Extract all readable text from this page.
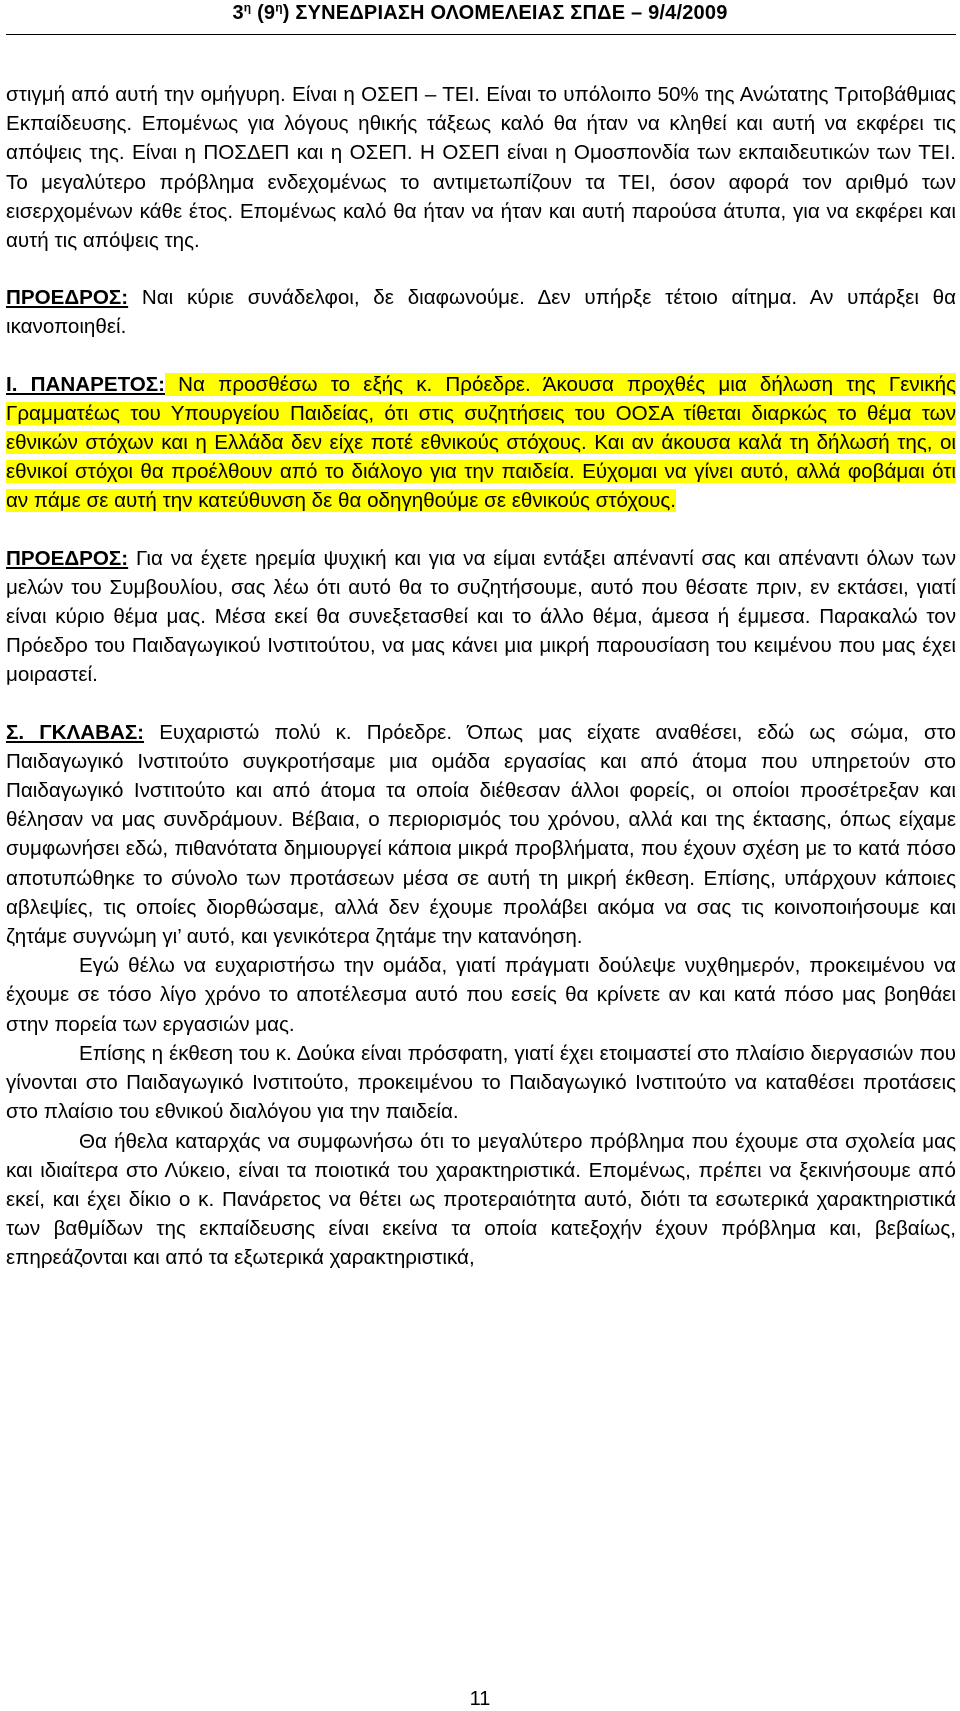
$3^\eta$ $(9^\eta)$ ΣΥΝΕΔΡΙΑΣΗ ΟΛΟΜΕΛΕΙΑΣ ΣΠΔΕ – 9/4/2009

στιγμή από αυτή την ομήγυρη. Είναι η ΟΣΕΠ – ΤΕΙ. Είναι το υπόλοιπο 50% της Ανώτατης Τριτοβάθμιας Εκπαίδευσης. Επομένως για λόγους ηθικής τάξεως καλό θα ήταν να κληθεί και αυτή να εκφέρει τις απόψεις της. Είναι η ΠΟΣΔΕΠ και η ΟΣΕΠ. Η ΟΣΕΠ είναι η Ομοσπονδία των εκπαιδευτικών των ΤΕΙ. Το μεγαλύτερο πρόβλημα ενδεχομένως το αντιμετωπίζουν τα ΤΕΙ, όσον αφορά τον αριθμό των εισερχομένων κάθε έτος. Επομένως καλό θα ήταν να ήταν και αυτή παρούσα άτυπα, για να εκφέρει και αυτή τις απόψεις της.

ΠΡΟΕΔΡΟΣ: Ναι κύριε συνάδελφοι, δε διαφωνούμε. Δεν υπήρξε τέτοιο αίτημα. Αν υπάρξει θα ικανοποιηθεί.

Ι. ΠΑΝΑΡΕΤΟΣ: Να προσθέσω το εξής κ. Πρόεδρε. Άκουσα προχθές μια δήλωση της Γενικής Γραμματέως του Υπουργείου Παιδείας, ότι στις συζητήσεις του ΟΟΣΑ τίθεται διαρκώς το θέμα των εθνικών στόχων και η Ελλάδα δεν είχε ποτέ εθνικούς στόχους. Και αν άκουσα καλά τη δήλωσή της, οι εθνικοί στόχοι θα προέλθουν από το διάλογο για την παιδεία. Εύχομαι να γίνει αυτό, αλλά φοβάμαι ότι αν πάμε σε αυτή την κατεύθυνση δε θα οδηγηθούμε σε εθνικούς στόχους.

ΠΡΟΕΔΡΟΣ: Για να έχετε ηρεμία ψυχική και για να είμαι εντάξει απέναντί σας και απέναντι όλων των μελών του Συμβουλίου, σας λέω ότι αυτό θα το συζητήσουμε, αυτό που θέσατε πριν, εν εκτάσει, γιατί είναι κύριο θέμα μας. Μέσα εκεί θα συνεξετασθεί και το άλλο θέμα, άμεσα ή έμμεσα. Παρακαλώ τον Πρόεδρο του Παιδαγωγικού Ινστιτούτου, να μας κάνει μια μικρή παρουσίαση του κειμένου που μας έχει μοιραστεί.

Σ. ΓΚΛΑΒΑΣ: Ευχαριστώ πολύ κ. Πρόεδρε. Όπως μας είχατε αναθέσει, εδώ ως σώμα, στο Παιδαγωγικό Ινστιτούτο συγκροτήσαμε μια ομάδα εργασίας και από άτομα που υπηρετούν στο Παιδαγωγικό Ινστιτούτο και από άτομα τα οποία διέθεσαν άλλοι φορείς, οι οποίοι προσέτρεξαν και θέλησαν να μας συνδράμουν. Βέβαια, ο περιορισμός του χρόνου, αλλά και της έκτασης, όπως είχαμε συμφωνήσει εδώ, πιθανότατα δημιουργεί κάποια μικρά προβλήματα, που έχουν σχέση με το κατά πόσο αποτυπώθηκε το σύνολο των προτάσεων μέσα σε αυτή τη μικρή έκθεση. Επίσης, υπάρχουν κάποιες αβλεψίες, τις οποίες διορθώσαμε, αλλά δεν έχουμε προλάβει ακόμα να σας τις κοινοποιήσουμε και ζητάμε συγνώμη γι’ αυτό, και γενικότερα ζητάμε την κατανόηση.

Εγώ θέλω να ευχαριστήσω την ομάδα, γιατί πράγματι δούλεψε νυχθημερόν, προκειμένου να έχουμε σε τόσο λίγο χρόνο το αποτέλεσμα αυτό που εσείς θα κρίνετε αν και κατά πόσο μας βοηθάει στην πορεία των εργασιών μας.

Επίσης η έκθεση του κ. Δούκα είναι πρόσφατη, γιατί έχει ετοιμαστεί στο πλαίσιο διεργασιών που γίνονται στο Παιδαγωγικό Ινστιτούτο, προκειμένου το Παιδαγωγικό Ινστιτούτο να καταθέσει προτάσεις στο πλαίσιο του εθνικού διαλόγου για την παιδεία.

Θα ήθελα καταρχάς να συμφωνήσω ότι το μεγαλύτερο πρόβλημα που έχουμε στα σχολεία μας και ιδιαίτερα στο Λύκειο, είναι τα ποιοτικά του χαρακτηριστικά. Επομένως, πρέπει να ξεκινήσουμε από εκεί, και έχει δίκιο ο κ. Πανάρετος να θέτει ως προτεραιότητα αυτό, διότι τα εσωτερικά χαρακτηριστικά των βαθμίδων της εκπαίδευσης είναι εκείνα τα οποία κατεξοχήν έχουν πρόβλημα και, βεβαίως, επηρεάζονται και από τα εξωτερικά χαρακτηριστικά,

11
